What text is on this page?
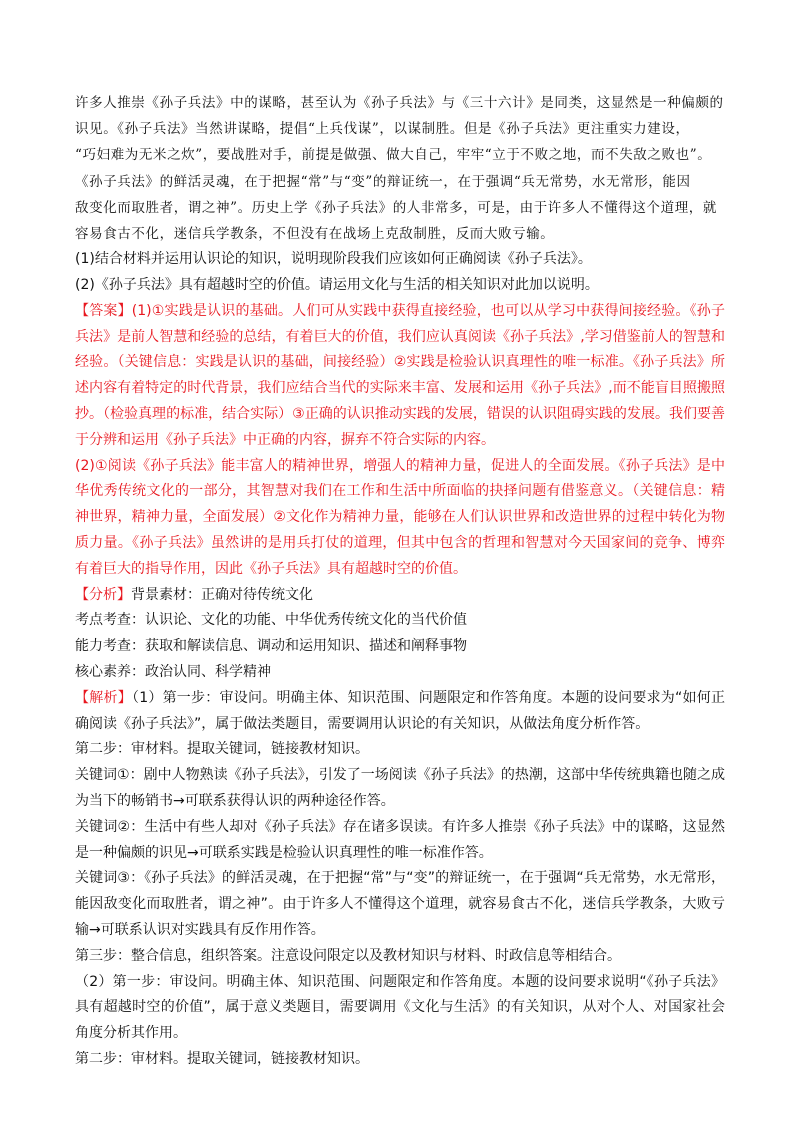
许多人推崇《孙子兵法》中的谋略，甚至认为《孙子兵法》与《三十六计》是同类，这显然是一种偏颇的
识见。《孙子兵法》当然讲谋略，提倡“上兵伐谋”，以谋制胜。但是《孙子兵法》更注重实力建设，
“巧妇难为无米之炊”，要战胜对手，前提是做强、做大自己，牢牢“立于不败之地，而不失敌之败也”。
《孙子兵法》的鲜活灵魂，在于把握“常”与“变”的辩证统一，在于强调“兵无常势，水无常形，能因
敌变化而取胜者，谓之神”。历史上学《孙子兵法》的人非常多，可是，由于许多人不懂得这个道理，就
容易食古不化，迷信兵学教条，不但没有在战场上克敌制胜，反而大败亏输。
(1)结合材料并运用认识论的知识，说明现阶段我们应该如何正确阅读《孙子兵法》。
(2)《孙子兵法》具有超越时空的价值。请运用文化与生活的相关知识对此加以说明。

【答案】(1)①实践是认识的基础。人们可从实践中获得直接经验，也可以从学习中获得间接经验。《孙子兵法》是前人智慧和经验的总结，有着巨大的价值，我们应认真阅读《孙子兵法》,学习借鉴前人的智慧和经验。（关键信息：实践是认识的基础，间接经验）②实践是检验认识真理性的唯一标准。《孙子兵法》所述内容有着特定的时代背景，我们应结合当代的实际来丰富、发展和运用《孙子兵法》,而不能盲目照搬照抄。（检验真理的标准，结合实际）③正确的认识推动实践的发展，错误的认识阻碍实践的发展。我们要善于分辨和运用《孙子兵法》中正确的内容，摒弃不符合实际的内容。

(2)①阅读《孙子兵法》能丰富人的精神世界，增强人的精神力量，促进人的全面发展。《孙子兵法》是中华优秀传统文化的一部分，其智慧对我们在工作和生活中所面临的抉择问题有借鉴意义。（关键信息：精神世界，精神力量，全面发展）②文化作为精神力量，能够在人们认识世界和改造世界的过程中转化为物质力量。《孙子兵法》虽然讲的是用兵打仗的道理，但其中包含的哲理和智慧对今天国家间的竞争、博弈有着巨大的指导作用，因此《孙子兵法》具有超越时空的价值。

【分析】背景素材：正确对待传统文化

考点考查：认识论、文化的功能、中华优秀传统文化的当代价值

能力考查：获取和解读信息、调动和运用知识、描述和阐释事物

核心素养：政治认同、科学精神

【解析】（1）第一步：审设问。明确主体、知识范围、问题限定和作答角度。本题的设问要求为“如何正确阅读《孙子兵法》”，属于做法类题目，需要调用认识论的有关知识，从做法角度分析作答。

第二步：审材料。提取关键词，链接教材知识。

关键词①：剧中人物熟读《孙子兵法》，引发了一场阅读《孙子兵法》的热潮，这部中华传统典籍也随之成为当下的畅销书→可联系获得认识的两种途径作答。

关键词②：生活中有些人却对《孙子兵法》存在诸多误读。有许多人推崇《孙子兵法》中的谋略，这显然是一种偏颇的识见→可联系实践是检验认识真理性的唯一标准作答。

关键词③：《孙子兵法》的鲜活灵魂，在于把握“常”与“变”的辩证统一，在于强调“兵无常势，水无常形，能因敌变化而取胜者，谓之神”。由于许多人不懂得这个道理，就容易食古不化，迷信兵学教条，大败亏输→可联系认识对实践具有反作用作答。

第三步：整合信息，组织答案。注意设问限定以及教材知识与材料、时政信息等相结合。

（2）第一步：审设问。明确主体、知识范围、问题限定和作答角度。本题的设问要求说明“《孙子兵法》具有超越时空的价值”，属于意义类题目，需要调用《文化与生活》的有关知识，从对个人、对国家社会角度分析其作用。

第二步：审材料。提取关键词，链接教材知识。
